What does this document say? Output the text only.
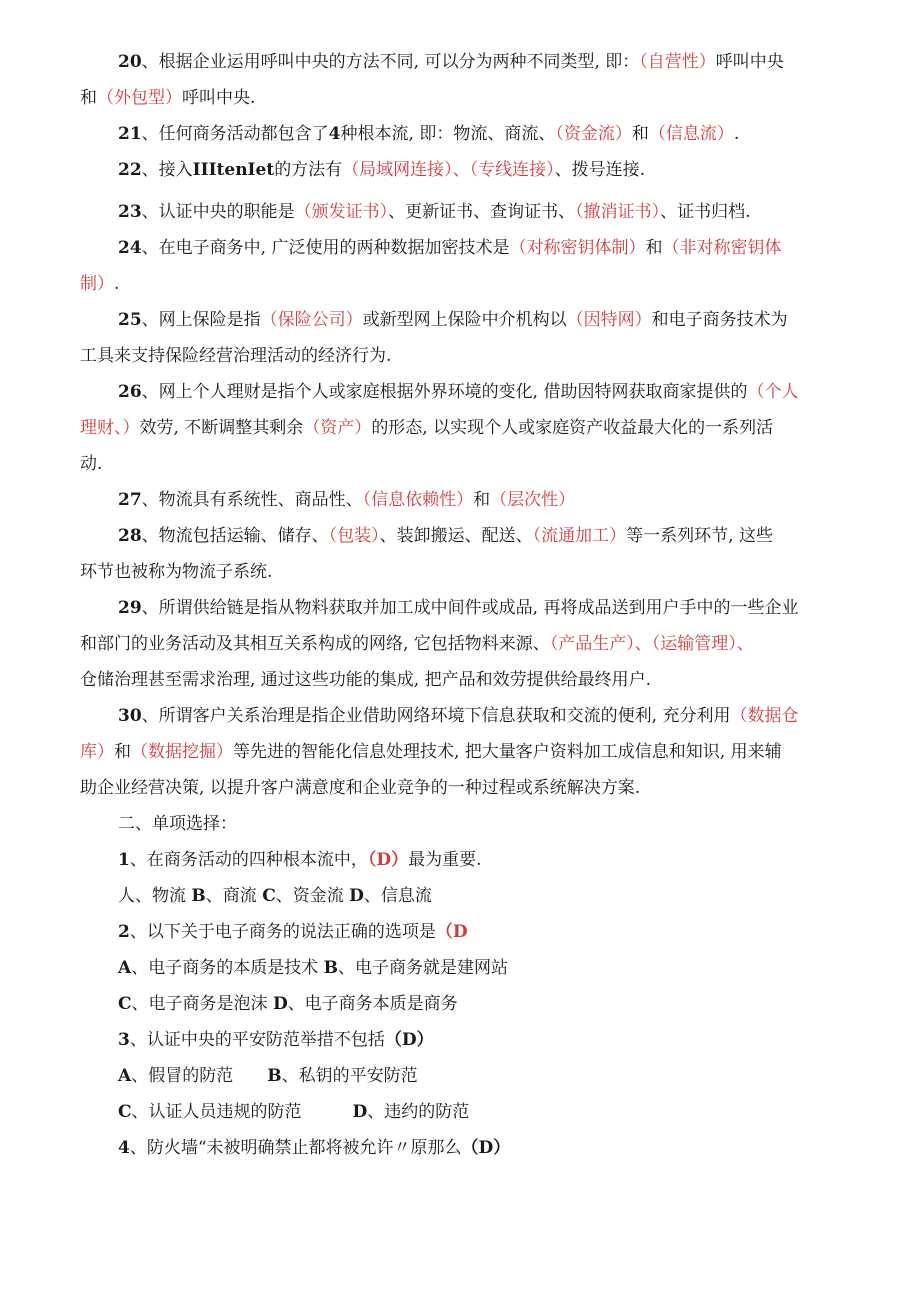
20、根据企业运用呼叫中央的方法不同, 可以分为两种不同类型, 即：（自营性）呼叫中央

和（外包型）呼叫中央.

21、任何商务活动都包含了4种根本流, 即：物流、商流、（资金流）和（信息流）.

22、接入IIItenIet的方法有（局域网连接）、（专线连接）、拨号连接.

23、认证中央的职能是（颁发证书）、更新证书、查询证书、（撤消证书）、证书归档.

24、在电子商务中, 广泛使用的两种数据加密技术是（对称密钥体制）和（非对称密钥体

制）.

25、网上保险是指（保险公司）或新型网上保险中介机构以（因特网）和电子商务技术为

工具来支持保险经营治理活动的经济行为.

26、网上个人理财是指个人或家庭根据外界环境的变化, 借助因特网获取商家提供的（个人

理财、）效劳, 不断调整其剩余（资产）的形态, 以实现个人或家庭资产收益最大化的一系列活

动.

27、物流具有系统性、商品性、（信息依赖性）和（层次性）

28、物流包括运输、储存、（包装）、装卸搬运、配送、（流通加工）等一系列环节, 这些

环节也被称为物流子系统.

29、所谓供给链是指从物料获取并加工成中间件或成品, 再将成品送到用户手中的一些企业

和部门的业务活动及其相互关系构成的网络, 它包括物料来源、（产品生产）、（运输管理）、

仓储治理甚至需求治理, 通过这些功能的集成, 把产品和效劳提供给最终用户.

30、所谓客户关系治理是指企业借助网络环境下信息获取和交流的便利, 充分利用（数据仓

库）和（数据挖掘）等先进的智能化信息处理技术, 把大量客户资料加工成信息和知识, 用来辅

助企业经营决策, 以提升客户满意度和企业竞争的一种过程或系统解决方案.

二、单项选择：

1、在商务活动的四种根本流中，（D）最为重要.

人、物流 B、商流 C、资金流 D、信息流

2、以下关于电子商务的说法正确的选项是（D

A、电子商务的本质是技术 B、电子商务就是建网站

C、电子商务是泡沫 D、电子商务本质是商务

3、认证中央的平安防范举措不包括（D）

A、假冒的防范　　B、私钥的平安防范

C、认证人员违规的防范　　　D、违约的防范

4、防火墙“未被明确禁止都将被允许〃原那么（D）
